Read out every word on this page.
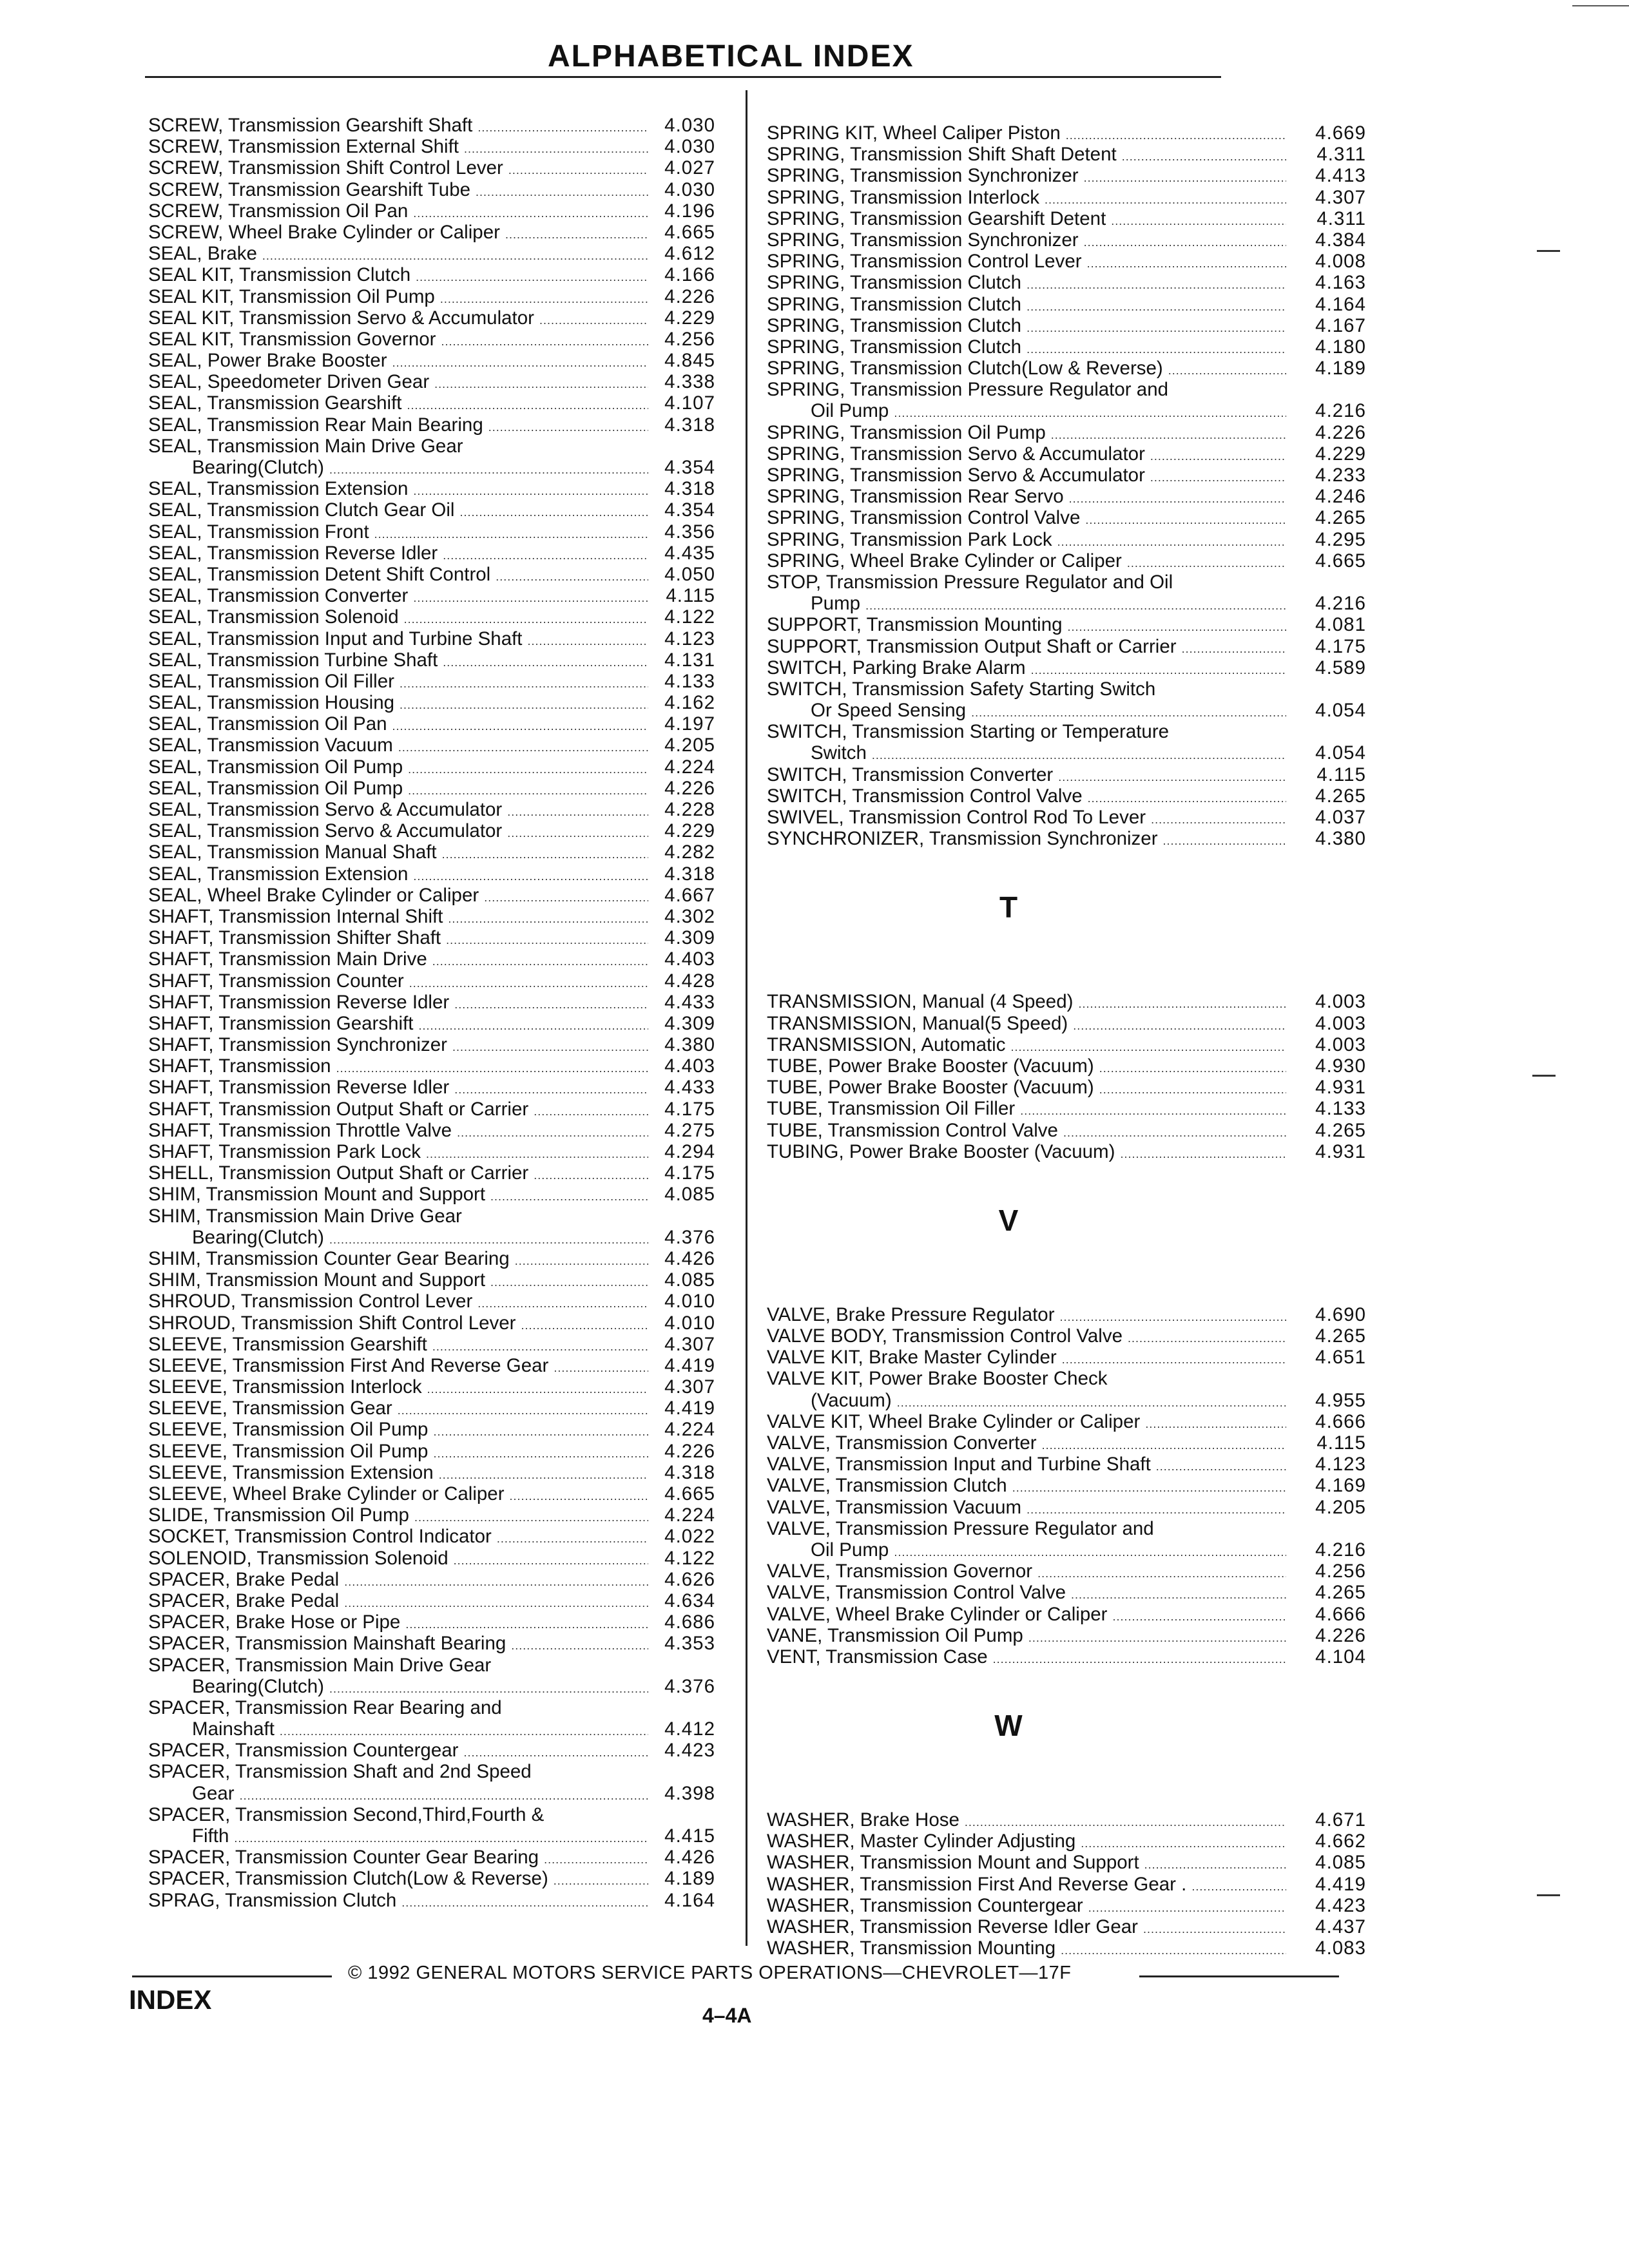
ALPHABETICAL INDEX
SCREW, Transmission Gearshift Shaft .....	4.030
SCREW, Transmission External Shift .....	4.030
SCREW, Transmission Shift Control Lever .....	4.027
SCREW, Transmission Gearshift Tube .....	4.030
SCREW, Transmission Oil Pan .....	4.196
SCREW, Wheel Brake Cylinder or Caliper .....	4.665
SEAL, Brake .....	4.612
SEAL KIT, Transmission Clutch .....	4.166
SEAL KIT, Transmission Oil Pump .....	4.226
SEAL KIT, Transmission Servo & Accumulator .....	4.229
SEAL KIT, Transmission Governor .....	4.256
SEAL, Power Brake Booster .....	4.845
SEAL, Speedometer Driven Gear .....	4.338
SEAL, Transmission Gearshift .....	4.107
SEAL, Transmission Rear Main Bearing .....	4.318
SEAL, Transmission Main Drive Gear
Bearing(Clutch) .....	4.354
SEAL, Transmission Extension .....	4.318
SEAL, Transmission Clutch Gear Oil .....	4.354
SEAL, Transmission Front .....	4.356
SEAL, Transmission Reverse Idler .....	4.435
SEAL, Transmission Detent Shift Control .....	4.050
SEAL, Transmission Converter .....	4.115
SEAL, Transmission Solenoid .....	4.122
SEAL, Transmission Input and Turbine Shaft .....	4.123
SEAL, Transmission Turbine Shaft .....	4.131
SEAL, Transmission Oil Filler .....	4.133
SEAL, Transmission Housing .....	4.162
SEAL, Transmission Oil Pan .....	4.197
SEAL, Transmission Vacuum .....	4.205
SEAL, Transmission Oil Pump .....	4.224
SEAL, Transmission Oil Pump .....	4.226
SEAL, Transmission Servo & Accumulator .....	4.228
SEAL, Transmission Servo & Accumulator .....	4.229
SEAL, Transmission Manual Shaft .....	4.282
SEAL, Transmission Extension .....	4.318
SEAL, Wheel Brake Cylinder or Caliper .....	4.667
SHAFT, Transmission Internal Shift .....	4.302
SHAFT, Transmission Shifter Shaft .....	4.309
SHAFT, Transmission Main Drive .....	4.403
SHAFT, Transmission Counter .....	4.428
SHAFT, Transmission Reverse Idler .....	4.433
SHAFT, Transmission Gearshift .....	4.309
SHAFT, Transmission Synchronizer .....	4.380
SHAFT, Transmission .....	4.403
SHAFT, Transmission Reverse Idler .....	4.433
SHAFT, Transmission Output Shaft or Carrier .....	4.175
SHAFT, Transmission Throttle Valve .....	4.275
SHAFT, Transmission Park Lock .....	4.294
SHELL, Transmission Output Shaft or Carrier .....	4.175
SHIM, Transmission Mount and Support .....	4.085
SHIM, Transmission Main Drive Gear
Bearing(Clutch) .....	4.376
SHIM, Transmission Counter Gear Bearing .....	4.426
SHIM, Transmission Mount and Support .....	4.085
SHROUD, Transmission Control Lever .....	4.010
SHROUD, Transmission Shift Control Lever .....	4.010
SLEEVE, Transmission Gearshift .....	4.307
SLEEVE, Transmission First And Reverse Gear .....	4.419
SLEEVE, Transmission Interlock .....	4.307
SLEEVE, Transmission Gear .....	4.419
SLEEVE, Transmission Oil Pump .....	4.224
SLEEVE, Transmission Oil Pump .....	4.226
SLEEVE, Transmission Extension .....	4.318
SLEEVE, Wheel Brake Cylinder or Caliper .....	4.665
SLIDE, Transmission Oil Pump .....	4.224
SOCKET, Transmission Control Indicator .....	4.022
SOLENOID, Transmission Solenoid .....	4.122
SPACER, Brake Pedal .....	4.626
SPACER, Brake Pedal .....	4.634
SPACER, Brake Hose or Pipe .....	4.686
SPACER, Transmission Mainshaft Bearing .....	4.353
SPACER, Transmission Main Drive Gear
Bearing(Clutch) .....	4.376
SPACER, Transmission Rear Bearing and
Mainshaft .....	4.412
SPACER, Transmission Countergear .....	4.423
SPACER, Transmission Shaft and 2nd Speed
Gear .....	4.398
SPACER, Transmission Second,Third,Fourth &
Fifth .....	4.415
SPACER, Transmission Counter Gear Bearing .....	4.426
SPACER, Transmission Clutch(Low & Reverse) .....	4.189
SPRAG, Transmission Clutch .....	4.164
SPRING KIT, Wheel Caliper Piston .....	4.669
SPRING, Transmission Shift Shaft Detent .....	4.311
SPRING, Transmission Synchronizer .....	4.413
SPRING, Transmission Interlock .....	4.307
SPRING, Transmission Gearshift Detent .....	4.311
SPRING, Transmission Synchronizer .....	4.384
SPRING, Transmission Control Lever .....	4.008
SPRING, Transmission Clutch .....	4.163
SPRING, Transmission Clutch .....	4.164
SPRING, Transmission Clutch .....	4.167
SPRING, Transmission Clutch .....	4.180
SPRING, Transmission Clutch(Low & Reverse) .....	4.189
SPRING, Transmission Pressure Regulator and
Oil Pump .....	4.216
SPRING, Transmission Oil Pump .....	4.226
SPRING, Transmission Servo & Accumulator .....	4.229
SPRING, Transmission Servo & Accumulator .....	4.233
SPRING, Transmission Rear Servo .....	4.246
SPRING, Transmission Control Valve .....	4.265
SPRING, Transmission Park Lock .....	4.295
SPRING, Wheel Brake Cylinder or Caliper .....	4.665
STOP, Transmission Pressure Regulator and Oil
Pump .....	4.216
SUPPORT, Transmission Mounting .....	4.081
SUPPORT, Transmission Output Shaft or Carrier .....	4.175
SWITCH, Parking Brake Alarm .....	4.589
SWITCH, Transmission Safety Starting Switch
Or Speed Sensing .....	4.054
SWITCH, Transmission Starting or Temperature
Switch .....	4.054
SWITCH, Transmission Converter .....	4.115
SWITCH, Transmission Control Valve .....	4.265
SWIVEL, Transmission Control Rod To Lever .....	4.037
SYNCHRONIZER, Transmission Synchronizer .....	4.380
T
TRANSMISSION, Manual (4 Speed) .....	4.003
TRANSMISSION, Manual(5 Speed) .....	4.003
TRANSMISSION, Automatic .....	4.003
TUBE, Power Brake Booster (Vacuum) .....	4.930
TUBE, Power Brake Booster (Vacuum) .....	4.931
TUBE, Transmission Oil Filler .....	4.133
TUBE, Transmission Control Valve .....	4.265
TUBING, Power Brake Booster (Vacuum) .....	4.931
V
VALVE, Brake Pressure Regulator .....	4.690
VALVE BODY, Transmission Control Valve .....	4.265
VALVE KIT, Brake Master Cylinder .....	4.651
VALVE KIT, Power Brake Booster Check
(Vacuum) .....	4.955
VALVE KIT, Wheel Brake Cylinder or Caliper .....	4.666
VALVE, Transmission Converter .....	4.115
VALVE, Transmission Input and Turbine Shaft .....	4.123
VALVE, Transmission Clutch .....	4.169
VALVE, Transmission Vacuum .....	4.205
VALVE, Transmission Pressure Regulator and
Oil Pump .....	4.216
VALVE, Transmission Governor .....	4.256
VALVE, Transmission Control Valve .....	4.265
VALVE, Wheel Brake Cylinder or Caliper .....	4.666
VANE, Transmission Oil Pump .....	4.226
VENT, Transmission Case .....	4.104
W
WASHER, Brake Hose .....	4.671
WASHER, Master Cylinder Adjusting .....	4.662
WASHER, Transmission Mount and Support .....	4.085
WASHER, Transmission First And Reverse Gear . .....	4.419
WASHER, Transmission Countergear .....	4.423
WASHER, Transmission Reverse Idler Gear .....	4.437
WASHER, Transmission Mounting .....	4.083
© 1992 GENERAL MOTORS SERVICE PARTS OPERATIONS—CHEVROLET—17F
INDEX
4–4A
